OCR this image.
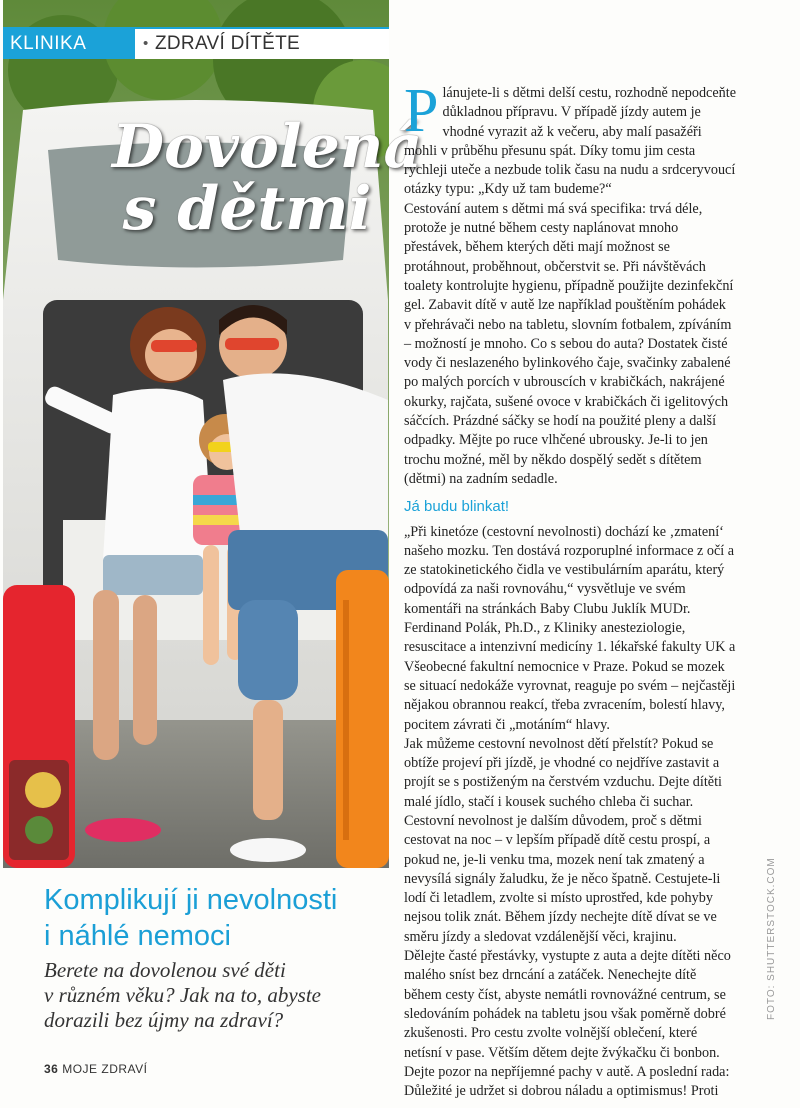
KLINIKA	• ZDRAVÍ DÍTĚTE
Dovolená
s dětmi
Komplikují ji nevolnosti
i náhlé nemoci
Berete na dovolenou své děti
v různém věku? Jak na to, abyste
dorazili bez újmy na zdraví?

Plánujete-li s dětmi delší cestu, rozhodně nepodceňte důkladnou přípravu. V případě jízdy autem je vhodné vyrazit až k večeru, aby malí pasažéři mohli v průběhu přesunu spát. Díky tomu jim cesta rychleji uteče a nezbude tolik času na nudu a srdceryvoucí otázky typu: „Kdy už tam budeme?“

Cestování autem s dětmi má svá specifika: trvá déle, protože je nutné během cesty naplánovat mnoho přestávek, během kterých děti mají možnost se protáhnout, proběhnout, občerstvit se. Při návštěvách toalety kontrolujte hygienu, případně použijte dezinfekční gel. Zabavit dítě v autě lze například pouštěním pohádek v přehrávači nebo na tabletu, slovním fotbalem, zpíváním – možností je mnoho. Co s sebou do auta? Dostatek čisté vody či neslazeného bylinkového čaje, svačinky zabalené po malých porcích v ubrouscích v krabičkách, nakrájené okurky, rajčata, sušené ovoce v krabičkách či igelitových sáčcích. Prázdné sáčky se hodí na použité pleny a další odpadky. Mějte po ruce vlhčené ubrousky. Je-li to jen trochu možné, měl by někdo dospělý sedět s dítětem (dětmi) na zadním sedadle.

Já budu blinkat!

„Při kinetóze (cestovní nevolnosti) dochází ke ‚zmatení‘ našeho mozku. Ten dostává rozporuplné informace z očí a ze statokinetického čidla ve vestibulárním aparátu, který odpovídá za naši rovnováhu,“ vysvětluje ve svém komentáři na stránkách Baby Clubu Juklík MUDr. Ferdinand Polák, Ph.D., z Kliniky anesteziologie, resuscitace a intenzivní medicíny 1. lékařské fakulty UK a Všeobecné fakultní nemocnice v Praze. Pokud se mozek se situací nedokáže vyrovnat, reaguje po svém – nejčastěji nějakou obrannou reakcí, třeba zvracením, bolestí hlavy, pocitem závrati či „motáním“ hlavy.

Jak můžeme cestovní nevolnost dětí přelstít? Pokud se obtíže projeví při jízdě, je vhodné co nejdříve zastavit a projít se s postiženým na čerstvém vzduchu. Dejte dítěti malé jídlo, stačí i kousek suchého chleba či suchar. Cestovní nevolnost je dalším důvodem, proč s dětmi cestovat na noc – v lepším případě dítě cestu prospí, a pokud ne, je-li venku tma, mozek není tak zmatený a nevysílá signály žaludku, že je něco špatně. Cestujete-li lodí či letadlem, zvolte si místo uprostřed, kde pohyby nejsou tolik znát. Během jízdy nechejte dítě dívat se ve směru jízdy a sledovat vzdálenější věci, krajinu.

Dělejte časté přestávky, vystupte z auta a dejte dítěti něco malého sníst bez drncání a zatáček. Nenechejte dítě během cesty číst, abyste nemátli rovnovážné centrum, se sledováním pohádek na tabletu jsou však poměrně dobré zkušenosti. Pro cestu zvolte volnější oblečení, které netísní v pase. Větším dětem dejte žvýkačku či bonbon. Dejte pozor na nepříjemné pachy v autě. A poslední rada: Důležité je udržet si dobrou náladu a optimismus! Proti

36 MOJE ZDRAVÍ
FOTO: SHUTTERSTOCK.COM
